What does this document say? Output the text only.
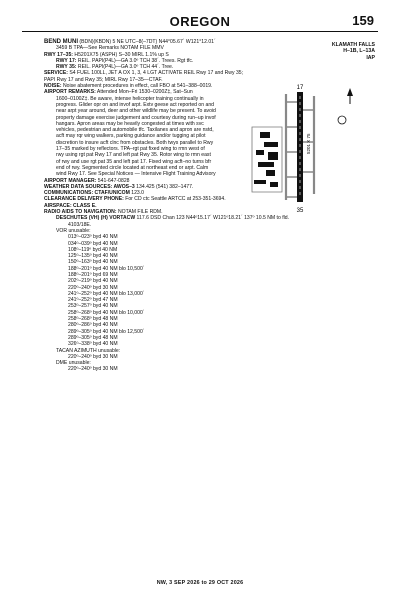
OREGON	159
KLAMATH FALLS
H–1B, L–13A
IAP

BEND MUNI (BDN)(KBDN) 5 NE UTC–8(–7DT) N44°05.67´ W121°12.01´

3459 B TPA—See Remarks NOTAM FILE MMV

RWY 17–35: H5201X75 (ASPH) S–30 MIRL 1.1% up S

RWY 17: REIL. PAPI(P4L)—GA 3.0º TCH 38´. Trees. Rgt tfc.

RWY 35: REIL. PAPI(P4L)—GA 3.0º TCH 44´. Tree.

SERVICE: S4 FUEL 100LL, JET A OX 1, 3, 4 LGT ACTIVATE REIL Rwy 17 and Rwy 35; PAPI Rwy 17 and Rwy 35; MIRL Rwy 17–35—CTAF.

NOISE: Noise abatement procedures in effect, call FBO at 541–388–0019.

AIRPORT REMARKS: Attended Mon–Fri 1530–0200Z‡, Sat–Sun

1600–0100Z‡. Be aware, intense helicopter training continually in

progress. Glider opr on and invof arpt. Extv geese act reported on and

near arpt year around, deer and other wildlife may be present. To avoid

property damage exercise judgement and courtesy during run–up invof

hangars. Apron areas may be heavily congested at times with svc

vehicles, pedestrian and automobile tfc. Taxilanes and apron are nstd,

acft may rqr wing walkers, parking guidance and/or tugging at pilot

discretion to insure acft clnc from obstacles. Both twys parallel to Rwy

17–35 marked by reflectors. TPA–rgt pat fixed wing to rmn west of

rwy using rgt pat Rwy 17 and left pat Rwy 35. Rotor wing to rmn east

of rwy and use rgt pat 35 and left pat 17. Fixed wing acft–no turns bfr

end of rwy. Segmented circle located at northeast end or arpt. Calm

wind Rwy 17. See Special Notices — Intensive Flight Training Advisory

AIRPORT MANAGER: 541-647-0828

WEATHER DATA SOURCES: AWOS–3 134.425 (541) 382–1477.

COMMUNICATIONS: CTAF/UNICOM 123.0

CLEARANCE DELIVERY PHONE: For CD ctc Seattle ARTCC at 253-351-3694.

AIRSPACE: CLASS E.

RADIO AIDS TO NAVIGATION: NOTAM FILE RDM.

DESCHUTES (VH) (H) VORTACW 117.6 DSD Chan 123 N44º15.17´ W121º18.21´ 137º 10.5 NM to fld.

4103/18E.

VOR unusable:

013º–023º byd 40 NM

034º–039º byd 40 NM

108º–119º byd 40 NM

125º–135º byd 40 NM

150º–163º byd 40 NM

188º–201º byd 40 NM blo 10,500´

188º–201º byd 69 NM

202º–219º byd 40 NM

220º–240º byd 30 NM

241º–252º byd 40 NM blo 13,000´

241º–252º byd 47 NM

253º–257º byd 40 NM

258º–268º byd 40 NM blo 10,000´

258º–268º byd 48 NM

280º–286º byd 40 NM

289º–305º byd 40 NM blo 12,500´

289º–305º byd 48 NM

326º–338º byd 40 NM

TACAN AZIMUTH unusable:

220º–240º byd 30 NM

DME unusable:

220º–240º byd 30 NM

17
35
5201 X 75
NW, 3 SEP 2026 to 29 OCT 2026
